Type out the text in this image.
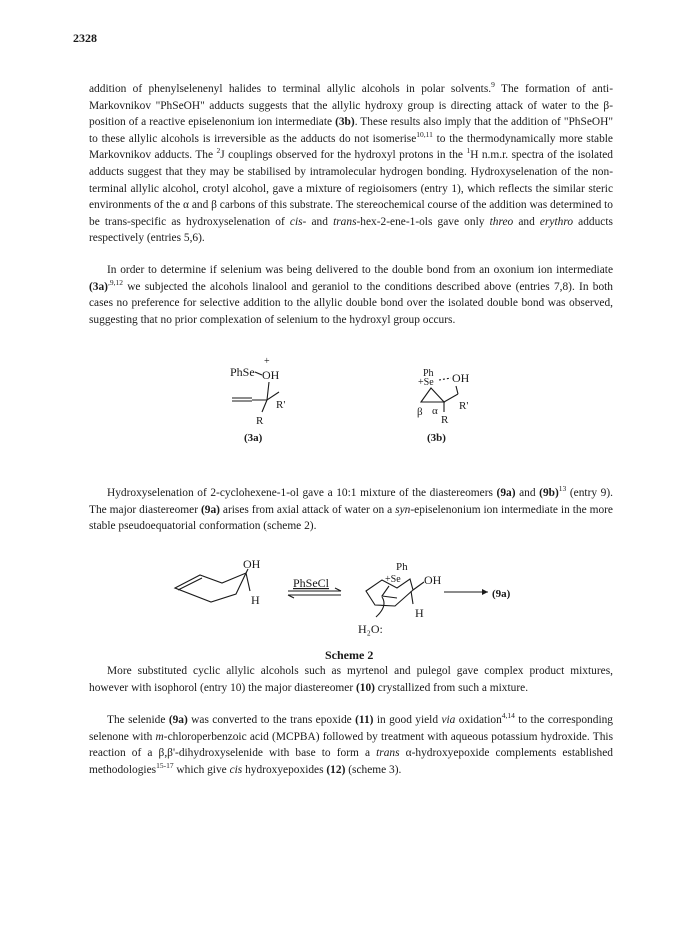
2328

addition of phenylselenenyl halides to terminal allylic alcohols in polar solvents.$^9$ The formation of anti-Markovnikov "PhSeOH" adducts suggests that the allylic hydroxy group is directing attack of water to the β-position of a reactive episelenonium ion intermediate (3b). These results also imply that the addition of "PhSeOH" to these allylic alcohols is irreversible as the adducts do not isomerise$^{10,11}$ to the thermodynamically more stable Markovnikov adducts. The $^2$J couplings observed for the hydroxyl protons in the $^1$H n.m.r. spectra of the isolated adducts suggest that they may be stabilised by intramolecular hydrogen bonding. Hydroxyselenation of the non-terminal allylic alcohol, crotyl alcohol, gave a mixture of regioisomers (entry 1), which reflects the similar steric environments of the α and β carbons of this substrate. The stereochemical course of the addition was determined to be trans-specific as hydroxyselenation of cis- and trans-hex-2-ene-1-ols gave only threo and erythro adducts respectively (entries 5,6).

In order to determine if selenium was being delivered to the double bond from an oxonium ion intermediate $(3a)^{,9,12}$ we subjected the alcohols linalool and geraniol to the conditions described above (entries 7,8). In both cases no preference for selective addition to the allylic double bond over the isolated double bond was observed, suggesting that no prior complexation of selenium to the hydroxyl group occurs.

Hydroxyselenation of 2-cyclohexene-1-ol gave a 10:1 mixture of the diastereomers (9a) and $(9b)^{13}$ (entry 9). The major diastereomer (9a) arises from axial attack of water on a syn-episelenonium ion intermediate in the more stable pseudoequatorial conformation (scheme 2).

More substituted cyclic allylic alcohols such as myrtenol and pulegol gave complex product mixtures, however with isophorol (entry 10) the major diastereomer (10) crystallized from such a mixture.

The selenide (9a) was converted to the trans epoxide (11) in good yield via oxidation$^{4,14}$ to the corresponding selenone with m-chloroperbenzoic acid (MCPBA) followed by treatment with aqueous potassium hydroxide. This reaction of a β,β'-dihydroxyselenide with base to form a trans α-hydroxyepoxide complements established methodologies$^{15-17}$ which give cis hydroxyepoxides (12) (scheme 3).

PhSe
+
OH
R'
R
(3a)
Ph
+Se OH
β α R'
R
(3b)
OH
H
PhSeCl
Ph
+Se OH
H
H₂O:
(9a)
Scheme 2
